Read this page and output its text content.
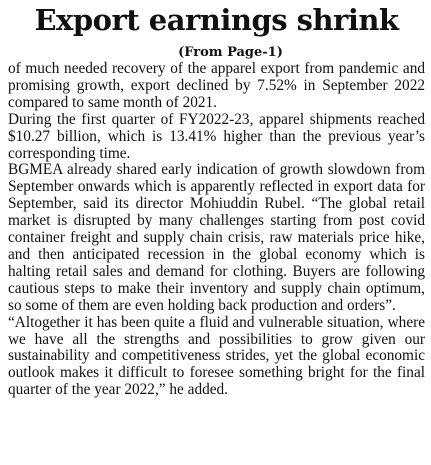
Export earnings shrink
(From Page-1)

of much needed recovery of the apparel export from pandemic and promising growth, export declined by 7.52% in September 2022 compared to same month of 2021.

During the first quarter of FY2022-23, apparel shipments reached $10.27 billion, which is 13.41% higher than the previous year’s corresponding time.

BGMEA already shared early indication of growth slowdown from September onwards which is apparently reflected in export data for September, said its director Mohiuddin Rubel. “The global retail market is disrupted by many challenges starting from post covid container freight and supply chain crisis, raw materials price hike, and then anticipated recession in the global economy which is halting retail sales and demand for clothing. Buyers are following cautious steps to make their inventory and supply chain optimum, so some of them are even holding back production and orders”.

“Altogether it has been quite a fluid and vulnerable situation, where we have all the strengths and possibilities to grow given our sustainability and competitiveness strides, yet the global economic outlook makes it difficult to foresee something bright for the final quarter of the year 2022,” he added.
